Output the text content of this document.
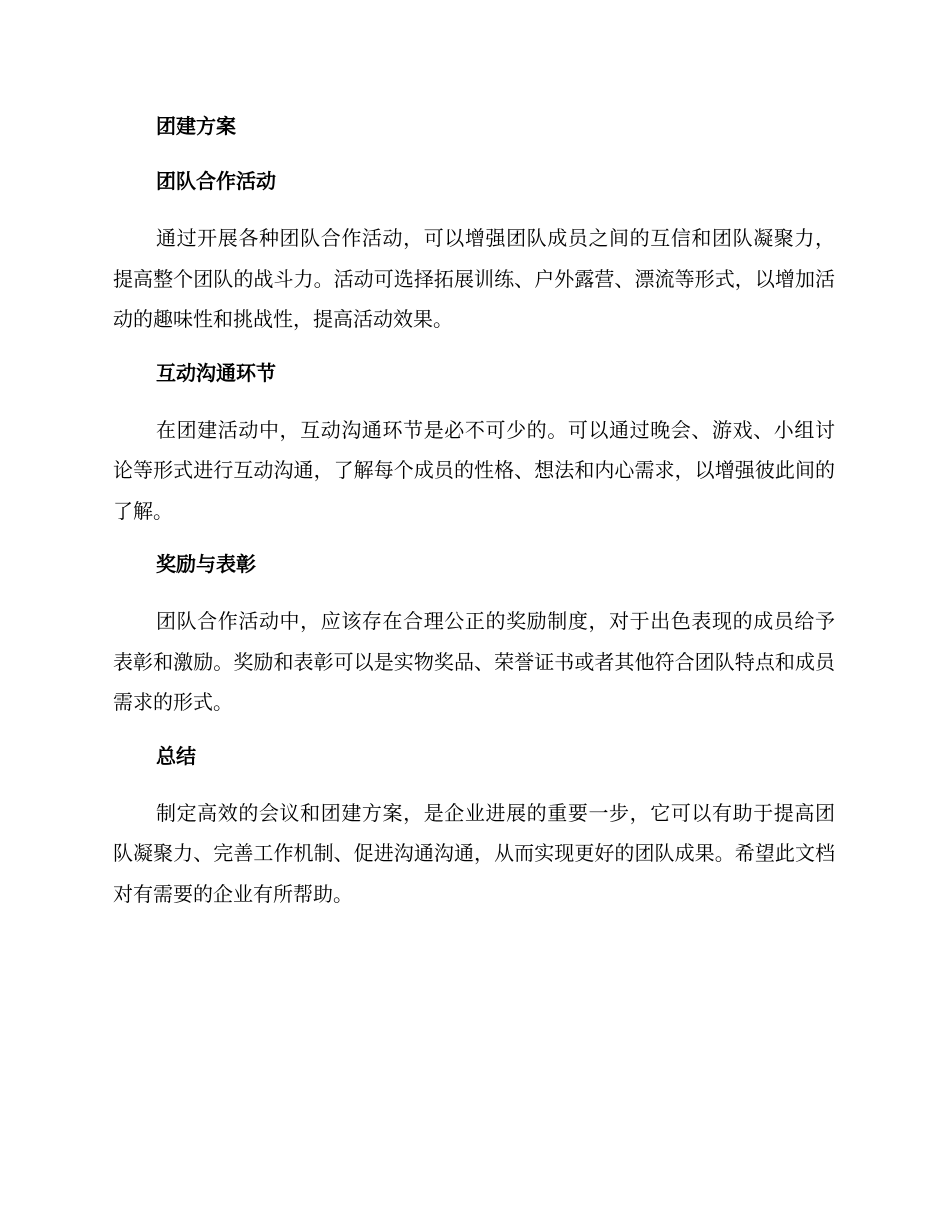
团建方案
团队合作活动

通过开展各种团队合作活动，可以增强团队成员之间的互信和团队凝聚力，提高整个团队的战斗力。活动可选择拓展训练、户外露营、漂流等形式，以增加活动的趣味性和挑战性，提高活动效果。

互动沟通环节

在团建活动中，互动沟通环节是必不可少的。可以通过晚会、游戏、小组讨论等形式进行互动沟通，了解每个成员的性格、想法和内心需求，以增强彼此间的了解。

奖励与表彰

团队合作活动中，应该存在合理公正的奖励制度，对于出色表现的成员给予表彰和激励。奖励和表彰可以是实物奖品、荣誉证书或者其他符合团队特点和成员需求的形式。

总结

制定高效的会议和团建方案，是企业进展的重要一步，它可以有助于提高团队凝聚力、完善工作机制、促进沟通沟通，从而实现更好的团队成果。希望此文档对有需要的企业有所帮助。
